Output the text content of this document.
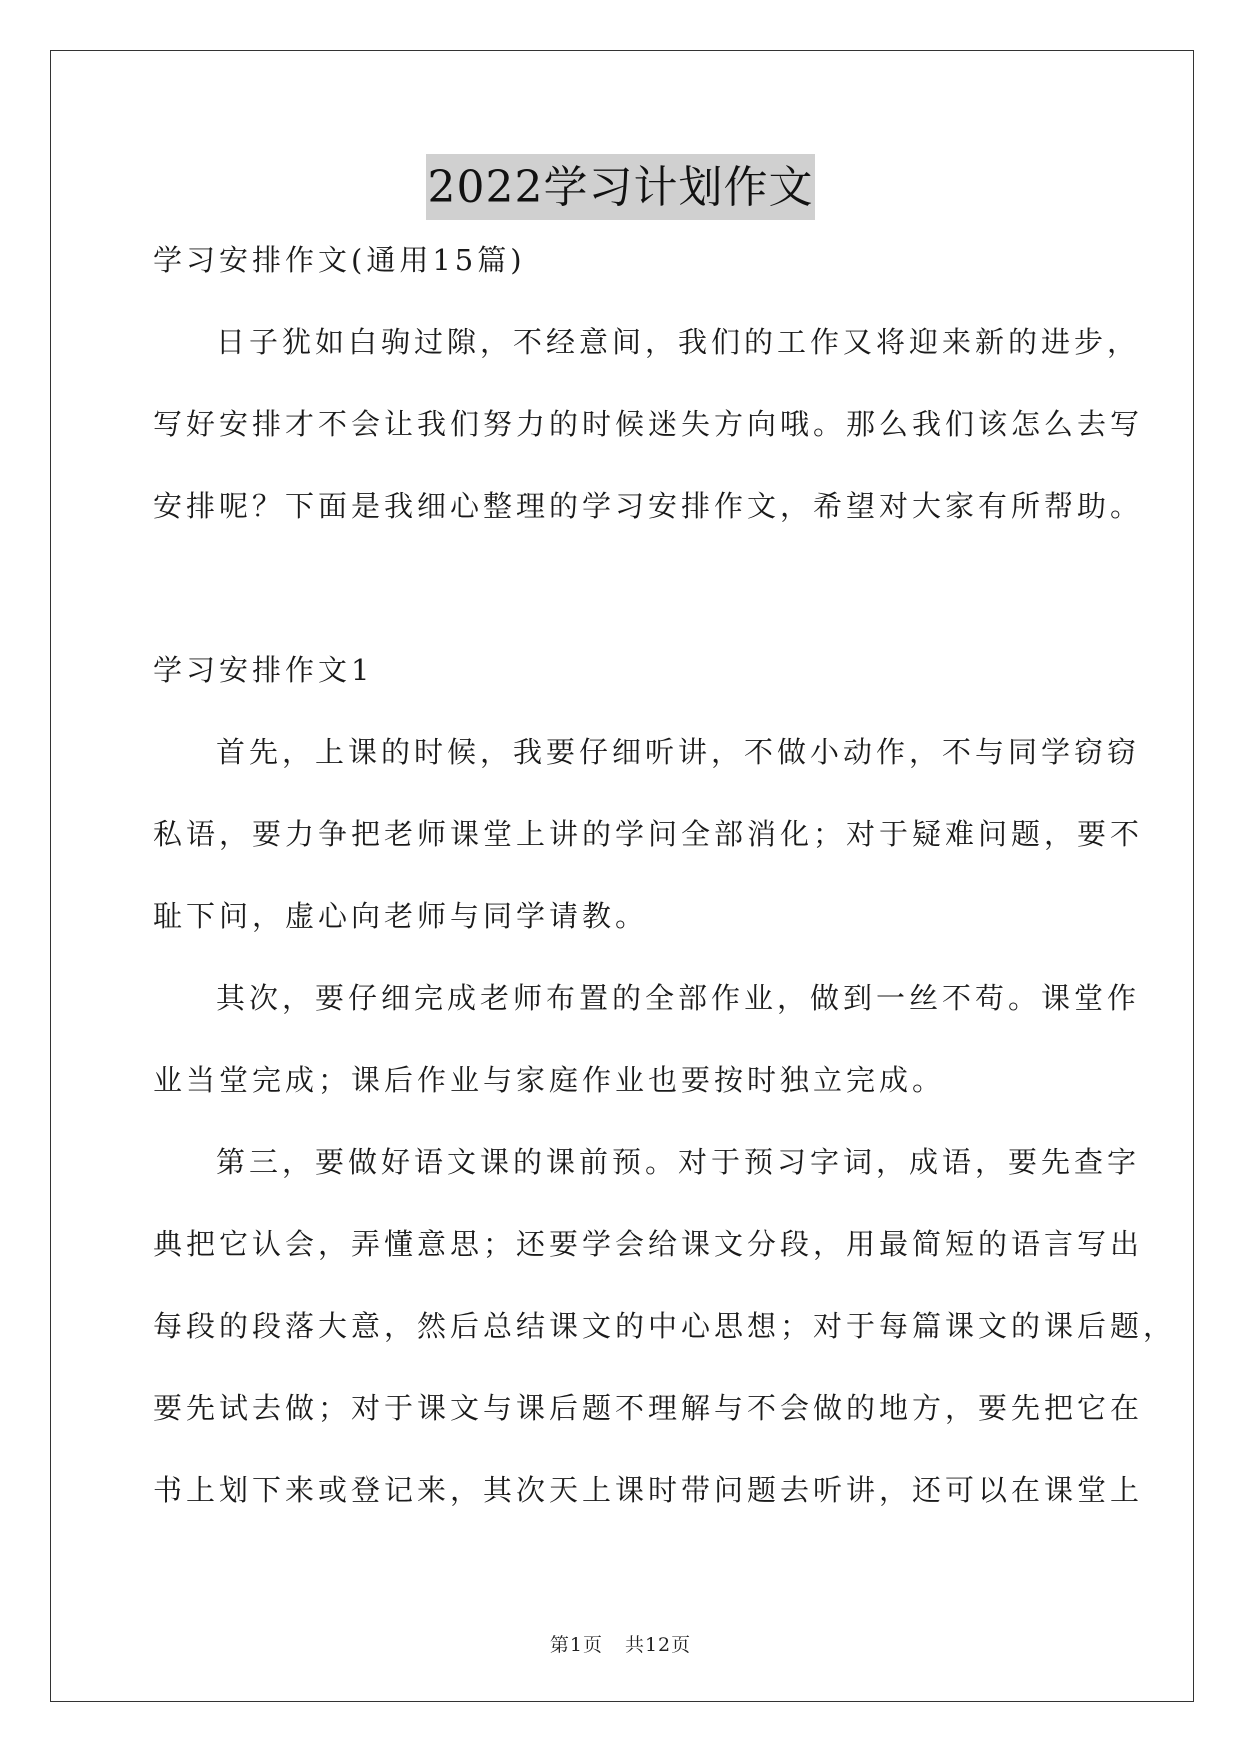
2022学习计划作文
学习安排作文(通用15篇)
日子犹如白驹过隙，不经意间，我们的工作又将迎来新的进步，
写好安排才不会让我们努力的时候迷失方向哦。那么我们该怎么去写
安排呢？下面是我细心整理的学习安排作文，希望对大家有所帮助。
学习安排作文1
首先，上课的时候，我要仔细听讲，不做小动作，不与同学窃窃
私语，要力争把老师课堂上讲的学问全部消化；对于疑难问题，要不
耻下问，虚心向老师与同学请教。
其次，要仔细完成老师布置的全部作业，做到一丝不苟。课堂作
业当堂完成；课后作业与家庭作业也要按时独立完成。
第三，要做好语文课的课前预。对于预习字词，成语，要先查字
典把它认会，弄懂意思；还要学会给课文分段，用最简短的语言写出
每段的段落大意，然后总结课文的中心思想；对于每篇课文的课后题，
要先试去做；对于课文与课后题不理解与不会做的地方，要先把它在
书上划下来或登记来，其次天上课时带问题去听讲，还可以在课堂上
第1页 共12页
